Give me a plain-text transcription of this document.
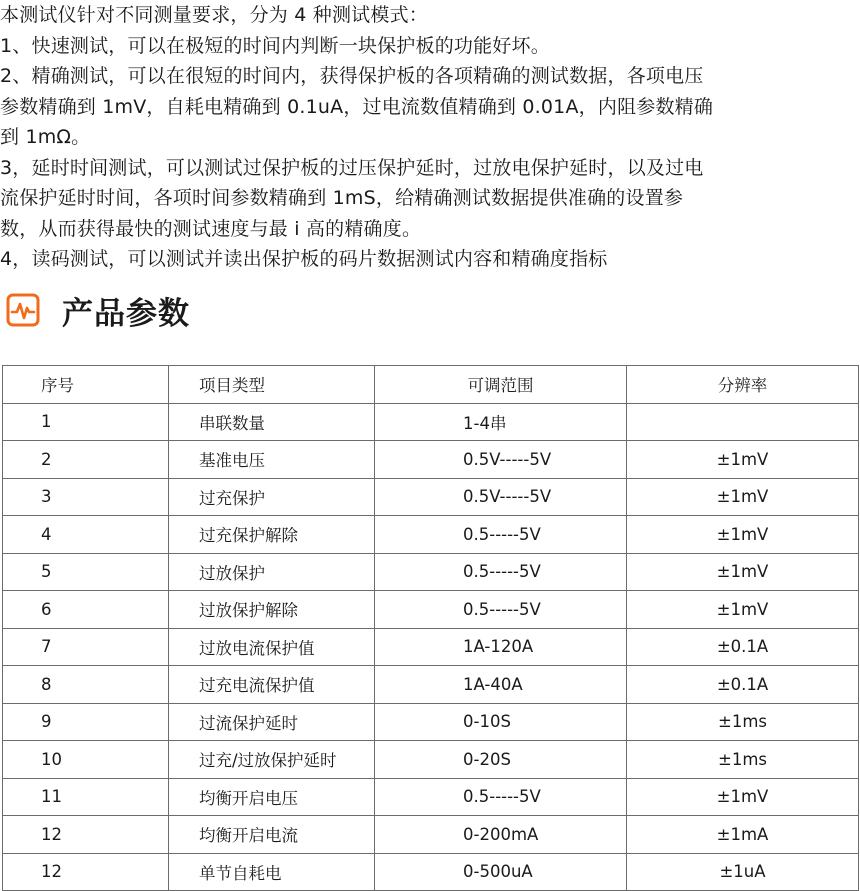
本测试仪针对不同测量要求，分为 4 种测试模式：

1、快速测试，可以在极短的时间内判断一块保护板的功能好坏。

2、精确测试，可以在很短的时间内，获得保护板的各项精确的测试数据，各项电压

参数精确到 1mV，自耗电精确到 0.1uA，过电流数值精确到 0.01A，内阻参数精确

到 1mΩ。

3，延时时间测试，可以测试过保护板的过压保护延时，过放电保护延时，以及过电

流保护延时时间，各项时间参数精确到 1mS，给精确测试数据提供准确的设置参

数，从而获得最快的测试速度与最 i 高的精确度。

4，读码测试，可以测试并读出保护板的码片数据测试内容和精确度指标

产品参数
序号	项目类型	可调范围	分辨率
1	串联数量	1-4串	
2	基准电压	0.5V-----5V	±1mV
3	过充保护	0.5V-----5V	±1mV
4	过充保护解除	0.5-----5V	±1mV
5	过放保护	0.5-----5V	±1mV
6	过放保护解除	0.5-----5V	±1mV
7	过放电流保护值	1A-120A	±0.1A
8	过充电流保护值	1A-40A	±0.1A
9	过流保护延时	0-10S	±1ms
10	过充/过放保护延时	0-20S	±1ms
11	均衡开启电压	0.5-----5V	±1mV
12	均衡开启电流	0-200mA	±1mA
12	单节自耗电	0-500uA	±1uA
